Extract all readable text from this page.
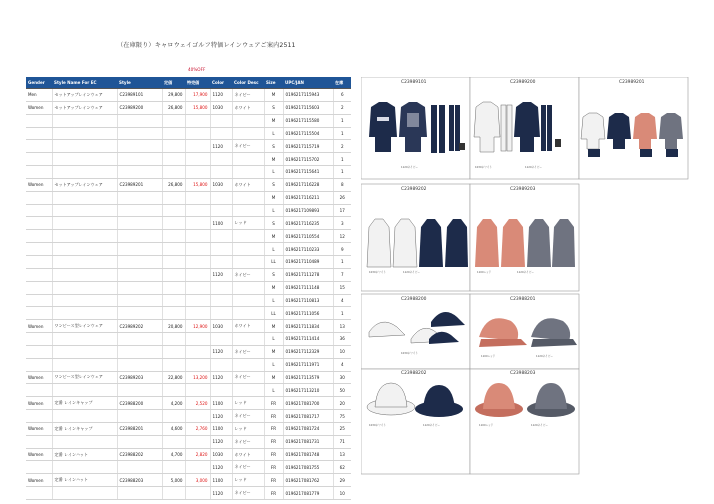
（在庫限り）キャロウェイゴルフ特価レインウェアご案内2511
40%OFF
Gender	Style Name For EC	Style	定価	特売価	Color	Color Desc	Size	UPC/JAN	在庫
Men	セットアップレインウェア	C23989101	29,800	17,900	1120	ネイビー	M	0196217115943	6
Women	セットアップレインウェア	C23989200	26,800	15,800	1030	ホワイト	S	0196217115603	2
							M	0196217115580	1
							L	0196217115504	1
					1120	ネイビー	S	0196217115719	2
							M	0196217115702	1
							L	0196217115641	1
Women	セットアップレインウェア	C23989201	26,800	15,800	1030	ホワイト	S	0196217116228	8
							M	0196217116211	26
							L	0196217109893	17
					1100	レッド	S	0196217116235	3
							M	0196217110554	12
							L	0196217110233	9
							LL	0196217110489	1
					1120	ネイビー	S	0196217111278	7
							M	0196217111148	15
							L	0196217110813	4
							LL	0196217111056	1
Women	ワンピース型レインウェア	C23989202	20,800	12,900	1030	ホワイト	M	0196217111834	13
							L	0196217111414	36
					1120	ネイビー	M	0196217112329	10
							L	0196217111971	4
Women	ワンピース型レインウェア	C23989203	22,800	13,200	1120	ネイビー	M	0196217113579	30
							L	0196217113210	50
Women	定番 レインキャップ	C23988200	4,200	2,520	1100	レッド	FR	0196217081700	20
					1120	ネイビー	FR	0196217081717	75
Women	定番 レインキャップ	C23988201	4,600	2,760	1100	レッド	FR	0196217081724	25
					1120	ネイビー	FR	0196217081731	71
Women	定番 レインハット	C23988202	4,700	2,820	1030	ホワイト	FR	0196217081748	13
					1120	ネイビー	FR	0196217081755	62
Women	定番 レインハット	C23988203	5,000	3,000	1100	レッド	FR	0196217081762	29
					1120	ネイビー	FR	0196217081779	10
C23989101	C23989200	C23989201
C23989202	C23989203
C23988200	C23988201
C23988202	C23988203
1120ネイビー	1030ホワイト	1120ネイビー
1030ホワイト	1120ネイビー	1100レッド	1120ネイビー
1030ホワイト
1100レッド	1120ネイビー
1030ホワイト	1120ネイビー	1100レッド	1120ネイビー
